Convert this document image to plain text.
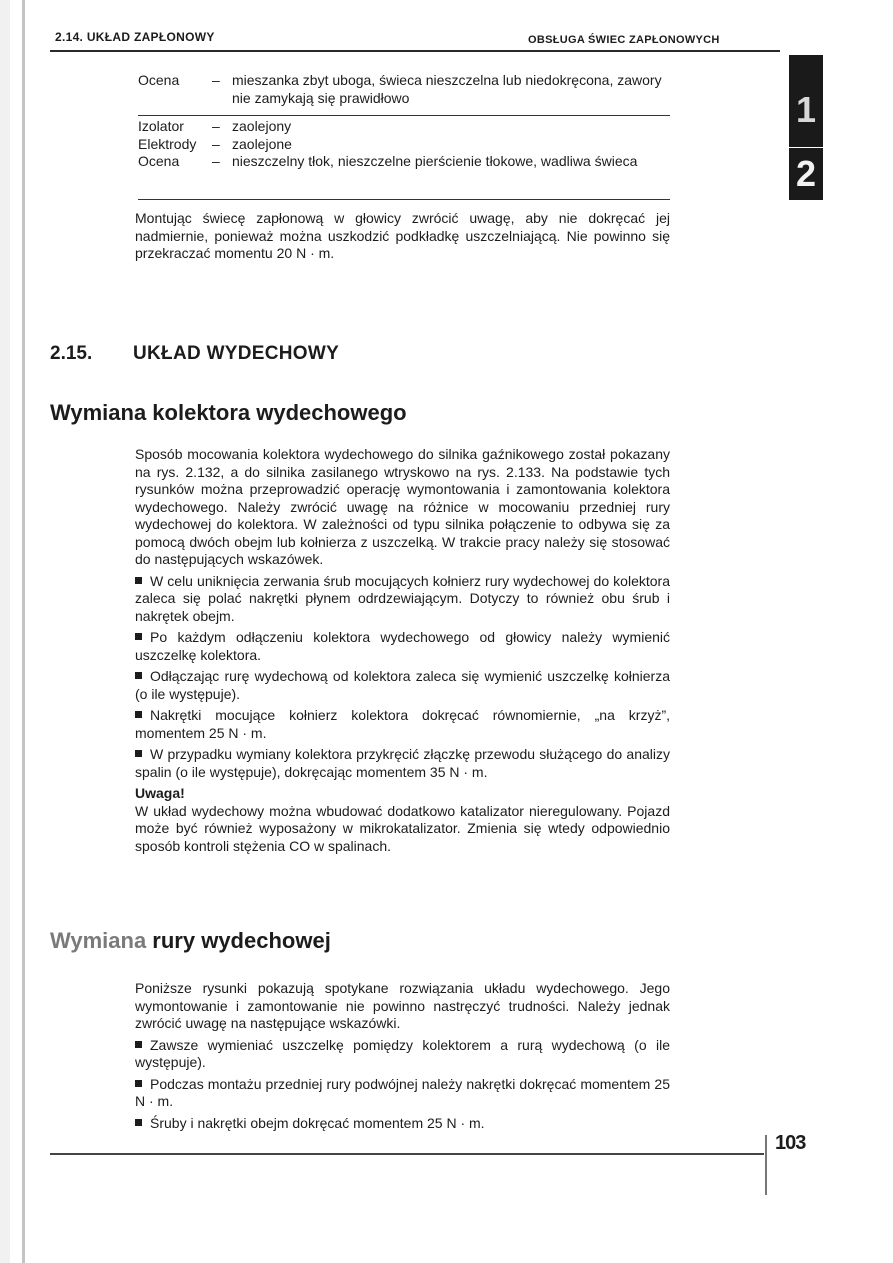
2.14. UKŁAD ZAPŁONOWY	OBSŁUGA ŚWIEC ZAPŁONOWYCH
1
2
Ocena	– mieszanka zbyt uboga, świeca nieszczelna lub niedokręcona, zawory nie zamykają się prawidłowo
Izolator	– zaolejony
Elektrody	– zaolejone
Ocena	– nieszczelny tłok, nieszczelne pierścienie tłokowe, wadliwa świeca
Montując świecę zapłonową w głowicy zwrócić uwagę, aby nie dokręcać jej nadmiernie, ponieważ można uszkodzić podkładkę uszczelniającą. Nie powinno się przekraczać momentu 20 N · m.
2.15. UKŁAD WYDECHOWY
Wymiana kolektora wydechowego
Sposób mocowania kolektora wydechowego do silnika gaźnikowego został pokazany na rys. 2.132, a do silnika zasilanego wtryskowo na rys. 2.133. Na podstawie tych rysunków można przeprowadzić operację wymontowania i zamontowania kolektora wydechowego. Należy zwrócić uwagę na różnice w mocowaniu przedniej rury wydechowej do kolektora. W zależności od typu silnika połączenie to odbywa się za pomocą dwóch obejm lub kołnierza z uszczelką. W trakcie pracy należy się stosować do następujących wskazówek.
W celu uniknięcia zerwania śrub mocujących kołnierz rury wydechowej do kolektora zaleca się polać nakrętki płynem odrdzewiającym. Dotyczy to również obu śrub i nakrętek obejm.
Po każdym odłączeniu kolektora wydechowego od głowicy należy wymienić uszczelkę kolektora.
Odłączając rurę wydechową od kolektora zaleca się wymienić uszczelkę kołnierza (o ile występuje).
Nakrętki mocujące kołnierz kolektora dokręcać równomiernie, „na krzyż”, momentem 25 N · m.
W przypadku wymiany kolektora przykręcić złączkę przewodu służącego do analizy spalin (o ile występuje), dokręcając momentem 35 N · m.
Uwaga!
W układ wydechowy można wbudować dodatkowo katalizator nieregulowany. Pojazd może być również wyposażony w mikrokatalizator. Zmienia się wtedy odpowiednio sposób kontroli stężenia CO w spalinach.
Wymiana rury wydechowej
Poniższe rysunki pokazują spotykane rozwiązania układu wydechowego. Jego wymontowanie i zamontowanie nie powinno nastręczyć trudności. Należy jednak zwrócić uwagę na następujące wskazówki.
Zawsze wymieniać uszczelkę pomiędzy kolektorem a rurą wydechową (o ile występuje).
Podczas montażu przedniej rury podwójnej należy nakrętki dokręcać momentem 25 N · m.
Śruby i nakrętki obejm dokręcać momentem 25 N · m.
103
